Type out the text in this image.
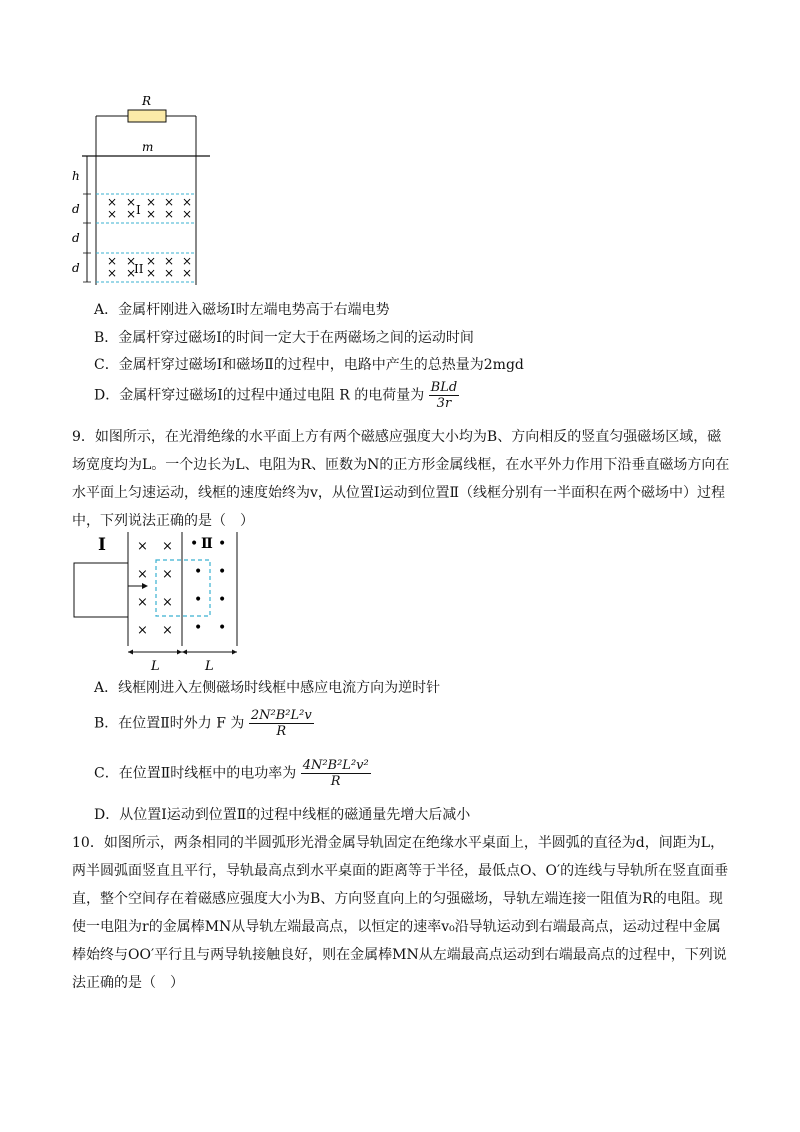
R
m
h
d
d
d
× × × × ×
× × × × ×
I
× × × × ×
× × × × ×
II
A．金属杆刚进入磁场Ⅰ时左端电势高于右端电势
B．金属杆穿过磁场Ⅰ的时间一定大于在两磁场之间的运动时间
C．金属杆穿过磁场Ⅰ和磁场Ⅱ的过程中，电路中产生的总热量为2mgd
D．金属杆穿过磁场Ⅰ的过程中通过电阻 R 的电荷量为 $\frac{\text{BLd}}{3r}$
9．如图所示，在光滑绝缘的水平面上方有两个磁感应强度大小均为B、方向相反的竖直匀强磁场区域，磁场宽度均为L。一个边长为L、电阻为R、匝数为N的正方形金属线框，在水平外力作用下沿垂直磁场方向在水平面上匀速运动，线框的速度始终为v，从位置Ⅰ运动到位置Ⅱ（线框分别有一半面积在两个磁场中）过程中，下列说法正确的是（　）
Ⅰ × ×
× ×
× ×
× ×
• •
• •
• •
• •
Ⅱ
L	L
A．线框刚进入左侧磁场时线框中感应电流方向为逆时针
B．在位置Ⅱ时外力 F 为 $\frac{\text{2N²B²L²v}}{R}$
C．在位置Ⅱ时线框中的电功率为 $\frac{\text{4N²B²L²v²}}{R}$
D．从位置Ⅰ运动到位置Ⅱ的过程中线框的磁通量先增大后减小
10．如图所示，两条相同的半圆弧形光滑金属导轨固定在绝缘水平桌面上，半圆弧的直径为d，间距为L，两半圆弧面竖直且平行，导轨最高点到水平桌面的距离等于半径，最低点O、O′的连线与导轨所在竖直面垂直，整个空间存在着磁感应强度大小为B、方向竖直向上的匀强磁场，导轨左端连接一阻值为R的电阻。现使一电阻为r的金属棒MN从导轨左端最高点，以恒定的速率v₀沿导轨运动到右端最高点，运动过程中金属棒始终与OO′平行且与两导轨接触良好，则在金属棒MN从左端最高点运动到右端最高点的过程中，下列说法正确的是（　）
